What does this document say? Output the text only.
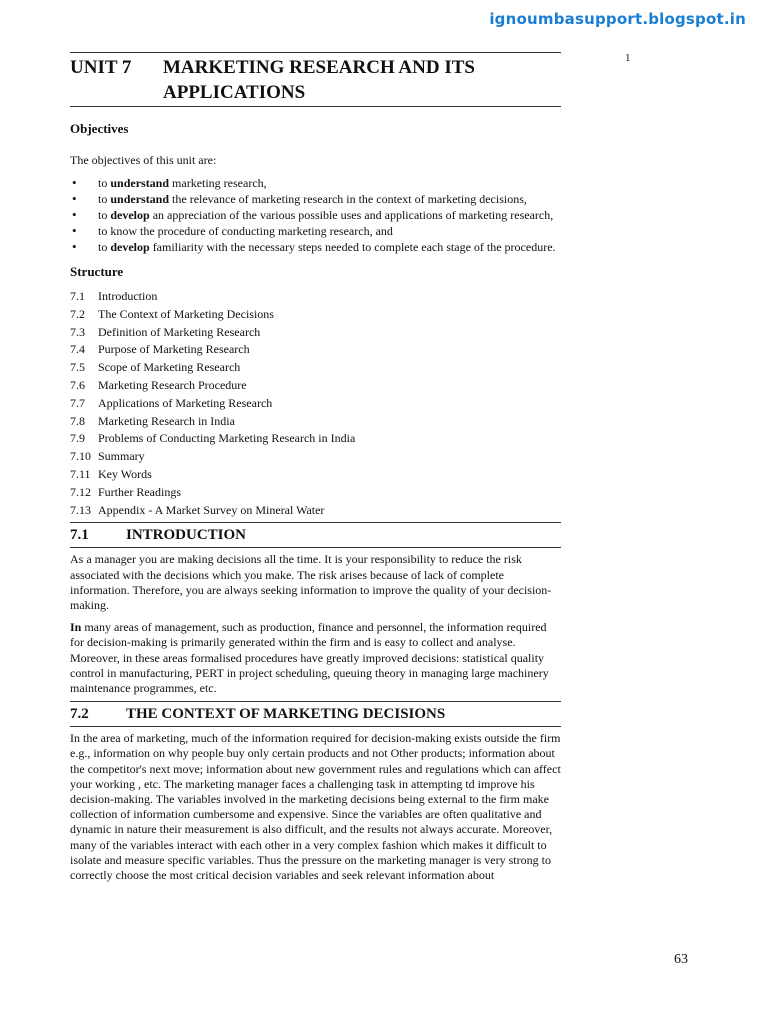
ignoumbasupport.blogspot.in
1
UNIT 7	MARKETING RESEARCH AND ITS APPLICATIONS
Objectives
The objectives of this unit are:
• to understand marketing research,
• to understand the relevance of marketing research in the context of marketing decisions,
• to develop an appreciation of the various possible uses and applications of marketing research,
• to know the procedure of conducting marketing research, and
• to develop familiarity with the necessary steps needed to complete each stage of the procedure.
Structure
7.1	Introduction
7.2	The Context of Marketing Decisions
7.3	Definition of Marketing Research
7.4	Purpose of Marketing Research
7.5	Scope of Marketing Research
7.6	Marketing Research Procedure
7.7	Applications of Marketing Research
7.8	Marketing Research in India
7.9	Problems of Conducting Marketing Research in India
7.10 Summary
7.11 Key Words
7.12 Further Readings
7.13 Appendix - A Market Survey on Mineral Water
7.1	INTRODUCTION

As a manager you are making decisions all the time. It is your responsibility to reduce the risk associated with the decisions which you make. The risk arises because of lack of complete information. Therefore, you are always seeking information to improve the quality of your decision-making.

In many areas of management, such as production, finance and personnel, the information required for decision-making is primarily generated within the firm and is easy to collect and analyse. Moreover, in these areas formalised procedures have greatly improved decisions: statistical quality control in manufacturing, PERT in project scheduling, queuing theory in managing large machinery maintenance programmes, etc.

7.2	THE CONTEXT OF MARKETING DECISIONS

In the area of marketing, much of the information required for decision-making exists outside the firm e.g., information on why people buy only certain products and not Other products; information about the competitor's next move; information about new government rules and regulations which can affect your working , etc. The marketing manager faces a challenging task in attempting td improve his decision-making. The variables involved in the marketing decisions being external to the firm make collection of information cumbersome and expensive. Since the variables are often qualitative and dynamic in nature their measurement is also difficult, and the results not always accurate. Moreover, many of the variables interact with each other in a very complex fashion which makes it difficult to isolate and measure specific variables. Thus the pressure on the marketing manager is very strong to correctly choose the most critical decision variables and seek relevant information about

63
